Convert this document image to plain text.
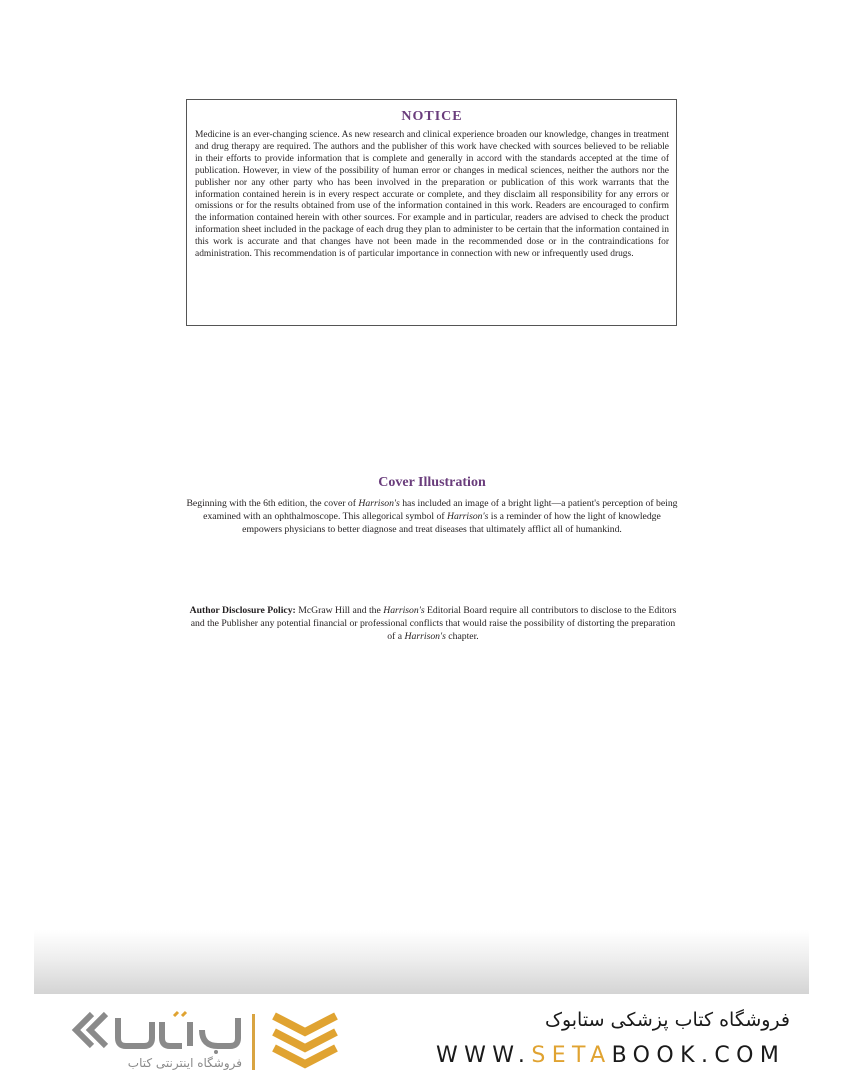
NOTICE

Medicine is an ever-changing science. As new research and clinical experience broaden our knowledge, changes in treatment and drug therapy are required. The authors and the publisher of this work have checked with sources believed to be reliable in their efforts to provide information that is complete and generally in accord with the standards accepted at the time of publication. However, in view of the possibility of human error or changes in medical sciences, neither the authors nor the publisher nor any other party who has been involved in the preparation or publication of this work warrants that the information contained herein is in every respect accurate or complete, and they disclaim all responsibility for any errors or omissions or for the results obtained from use of the information contained in this work. Readers are encouraged to confirm the information contained herein with other sources. For example and in particular, readers are advised to check the product information sheet included in the package of each drug they plan to administer to be certain that the information contained in this work is accurate and that changes have not been made in the recommended dose or in the contraindications for administration. This recommendation is of particular importance in connection with new or infrequently used drugs.

Cover Illustration

Beginning with the 6th edition, the cover of Harrison's has included an image of a bright light—a patient's perception of being examined with an ophthalmoscope. This allegorical symbol of Harrison's is a reminder of how the light of knowledge empowers physicians to better diagnose and treat diseases that ultimately afflict all of humankind.

Author Disclosure Policy: McGraw Hill and the Harrison's Editorial Board require all contributors to disclose to the Editors and the Publisher any potential financial or professional conflicts that would raise the possibility of distorting the preparation of a Harrison's chapter.

فروشگاه اینترنتی کتاب
فروشگاه کتاب پزشکی ستابوک
WWW.SETABOOK.COM
